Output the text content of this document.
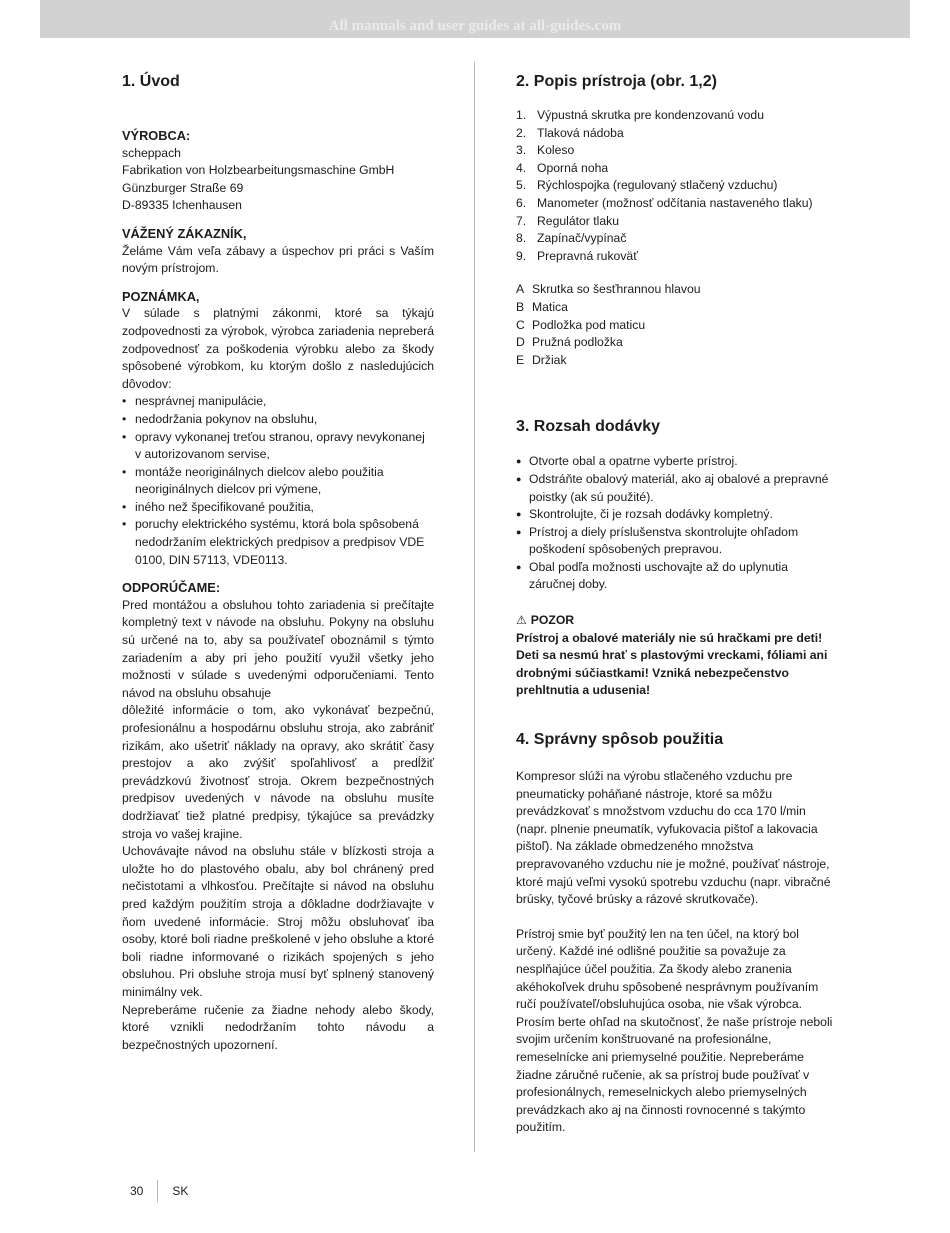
All manuals and user guides at all-guides.com
1. Úvod
VÝROBCA:
scheppach
Fabrikation von Holzbearbeitungsmaschine GmbH
Günzburger Straße 69
D-89335 Ichenhausen
VÁŽENÝ ZÁKAZNÍK,

Želáme Vám veľa zábavy a úspechov pri práci s Vaším novým prístrojom.

POZNÁMKA,

V súlade s platnými zákonmi, ktoré sa týkajú zodpovednosti za výrobok, výrobca zariadenia nepreberá zodpovednosť za poškodenia výrobku alebo za škody spôsobené výrobkom, ku ktorým došlo z nasledujúcich dôvodov:

• nesprávnej manipulácie,
• nedodržania pokynov na obsluhu,
• opravy vykonanej treťou stranou, opravy nevykonanej v autorizovanom servise,
• montáže neoriginálnych dielcov alebo použitia neoriginálnych dielcov pri výmene,
• iného než špecifikované použitia,
• poruchy elektrického systému, ktorá bola spôsobená nedodržaním elektrických predpisov a predpisov VDE 0100, DIN 57113, VDE0113.
ODPORÚČAME:

Pred montážou a obsluhou tohto zariadenia si prečítajte kompletný text v návode na obsluhu. Pokyny na obsluhu sú určené na to, aby sa používateľ oboznámil s týmto zariadením a aby pri jeho použití využil všetky jeho možnosti v súlade s uvedenými odporučeniami. Tento návod na obsluhu obsahuje

dôležité informácie o tom, ako vykonávať bezpečnú, profesionálnu a hospodárnu obsluhu stroja, ako zabrániť rizikám, ako ušetriť náklady na opravy, ako skrátiť časy prestojov a ako zvýšiť spoľahlivosť a predĺžiť prevádzkovú životnosť stroja. Okrem bezpečnostných predpisov uvedených v návode na obsluhu musíte dodržiavať tiež platné predpisy, týkajúce sa prevádzky stroja vo vašej krajine.

Uchovávajte návod na obsluhu stále v blízkosti stroja a uložte ho do plastového obalu, aby bol chránený pred nečistotami a vlhkosťou. Prečítajte si návod na obsluhu pred každým použitím stroja a dôkladne dodržiavajte v ňom uvedené informácie. Stroj môžu obsluhovať iba osoby, ktoré boli riadne preškolené v jeho obsluhe a ktoré boli riadne informované o rizikách spojených s jeho obsluhou. Pri obsluhe stroja musí byť splnený stanovený minimálny vek.

Nepreberáme ručenie za žiadne nehody alebo škody, ktoré vznikli nedodržaním tohto návodu a bezpečnostných upozornení.

2. Popis prístroja (obr. 1,2)
1. Výpustná skrutka pre kondenzovanú vodu
2. Tlaková nádoba
3. Koleso
4. Oporná noha
5. Rýchlospojka (regulovaný stlačený vzduchu)
6. Manometer (možnosť odčítania nastaveného tlaku)
7. Regulátor tlaku
8. Zapínač/vypínač
9. Prepravná rukoväť
A Skrutka so šesťhrannou hlavou
B Matica
C Podložka pod maticu
D Pružná podložka
E Držiak
3. Rozsah dodávky
● Otvorte obal a opatrne vyberte prístroj.
● Odstráňte obalový materiál, ako aj obalové a prepravné poistky (ak sú použité).
● Skontrolujte, či je rozsah dodávky kompletný.
● Prístroj a diely príslušenstva skontrolujte ohľadom poškodení spôsobených prepravou.
● Obal podľa možnosti uschovajte až do uplynutia záručnej doby.
⚠ POZOR

Prístroj a obalové materiály nie sú hračkami pre deti! Deti sa nesmú hrať s plastovými vreckami, fóliami ani drobnými súčiastkami! Vzniká nebezpečenstvo prehltnutia a udusenia!

4. Správny spôsob použitia

Kompresor slúži na výrobu stlačeného vzduchu pre pneumaticky poháňané nástroje, ktoré sa môžu prevádzkovať s množstvom vzduchu do cca 170 l/min (napr. plnenie pneumatík, vyfukovacia pištoľ a lakovacia pištoľ). Na základe obmedzeného množstva prepravovaného vzduchu nie je možné, používať nástroje, ktoré majú veľmi vysokú spotrebu vzduchu (napr. vibračné brúsky, tyčové brúsky a rázové skrutkovače).

Prístroj smie byť použitý len na ten účel, na ktorý bol určený. Každé iné odlišné použitie sa považuje za nesplňajúce účel použitia. Za škody alebo zranenia akéhokoľvek druhu spôsobené nesprávnym používaním ručí používateľ/obsluhujúca osoba, nie však výrobca. Prosím berte ohľad na skutočnosť, že naše prístroje neboli svojim určením konštruované na profesionálne, remeselnícke ani priemyselné použitie. Nepreberáme žiadne záručné ručenie, ak sa prístroj bude používať v profesionálnych, remeselnickych alebo priemyselných prevádzkach ako aj na činnosti rovnocenné s takýmto použitím.

30 SK
